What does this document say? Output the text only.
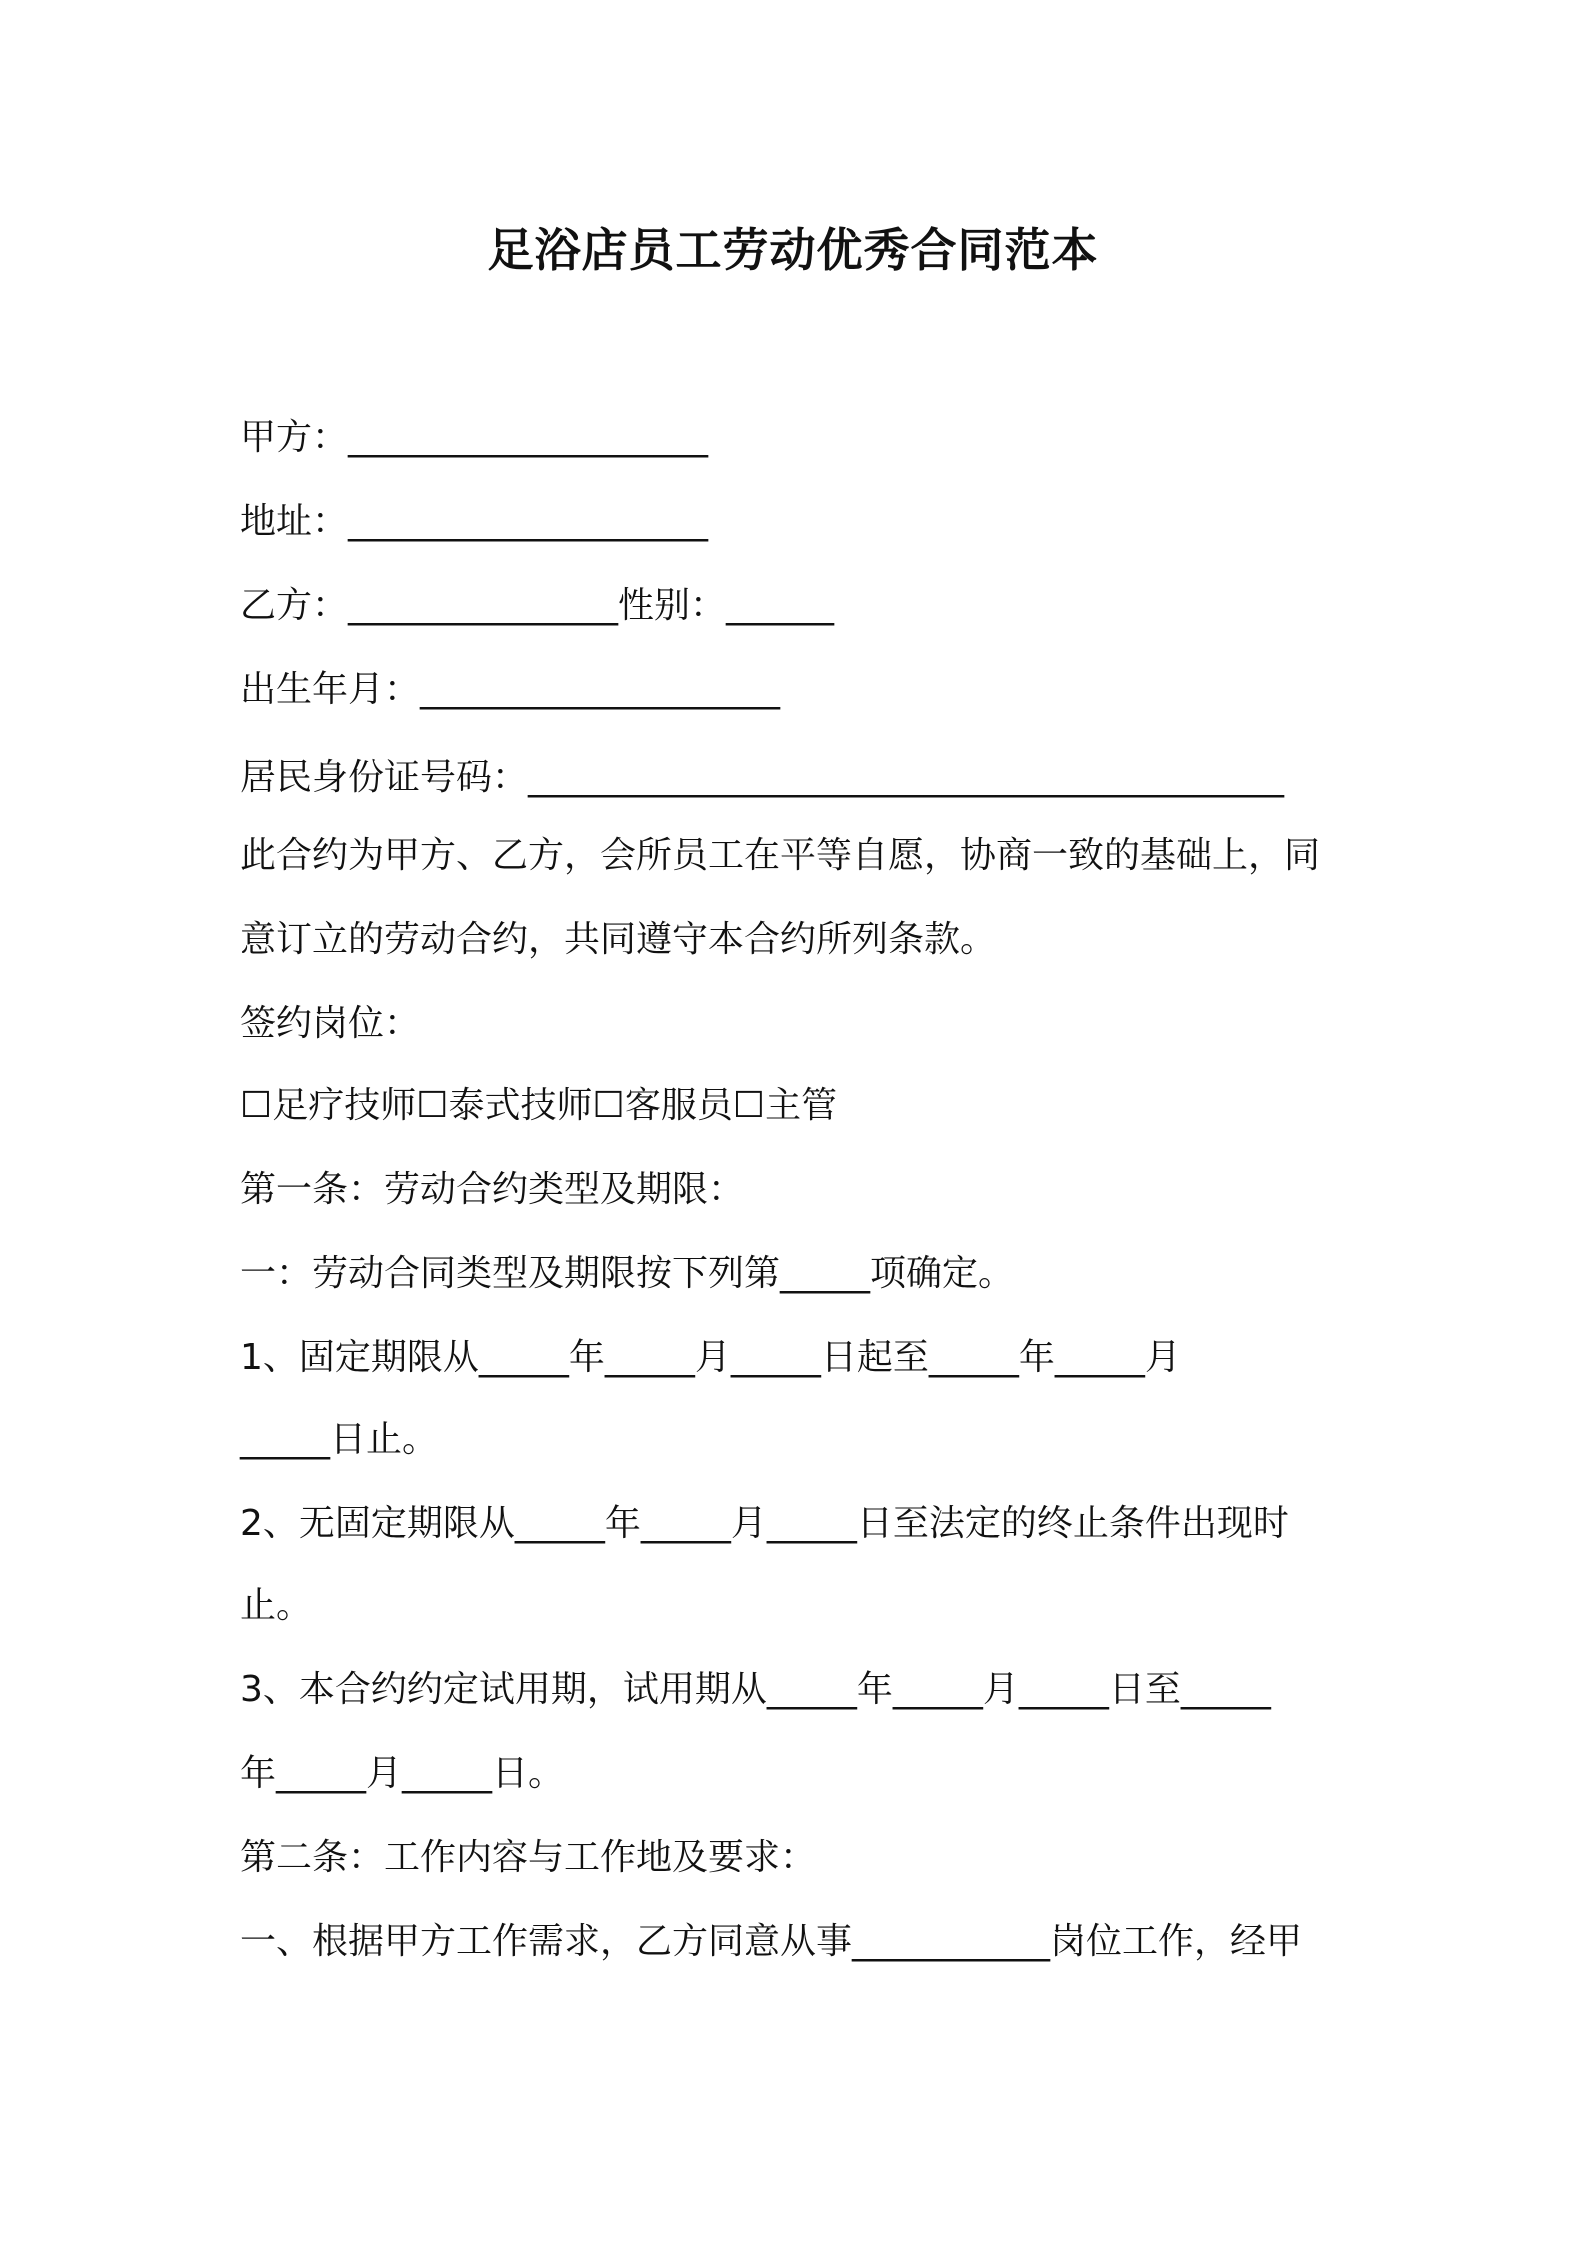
足浴店员工劳动优秀合同范本
甲方：____________________
地址：____________________
乙方：_______________性别：______
出生年月：____________________
居民身份证号码：__________________________________________
此合约为甲方、乙方，会所员工在平等自愿，协商一致的基础上，同
意订立的劳动合约，共同遵守本合约所列条款。
签约岗位：
☐足疗技师☐泰式技师☐客服员☐主管
第一条：劳动合约类型及期限：
一：劳动合同类型及期限按下列第_____项确定。
1、固定期限从_____年_____月_____日起至_____年_____月
_____日止。
2、无固定期限从_____年_____月_____日至法定的终止条件出现时
止。
3、本合约约定试用期，试用期从_____年_____月_____日至_____
年_____月_____日。
第二条：工作内容与工作地及要求：
一、根据甲方工作需求，乙方同意从事___________岗位工作，经甲
